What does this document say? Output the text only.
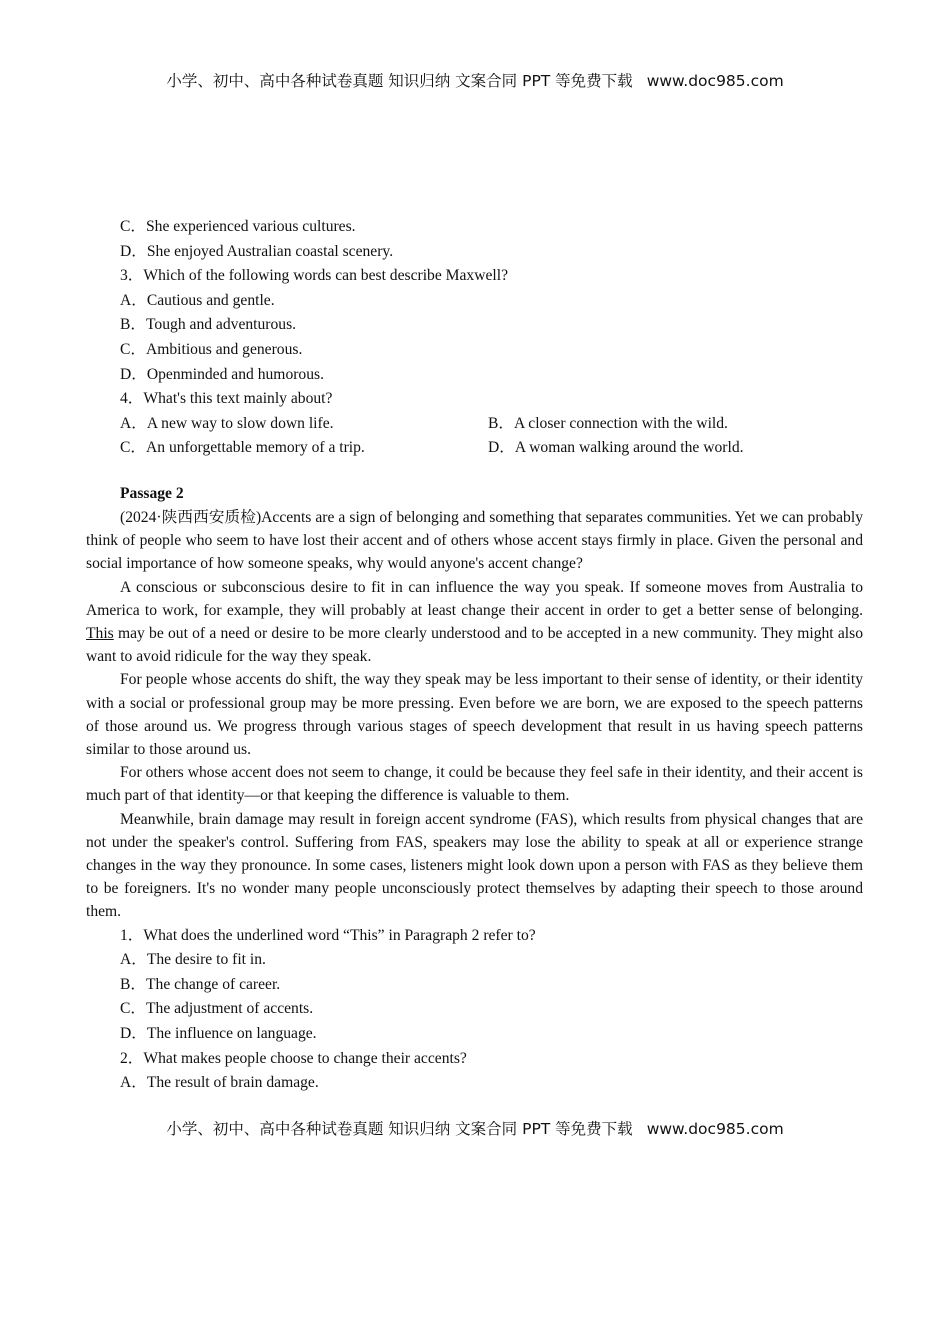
小学、初中、高中各种试卷真题 知识归纳 文案合同 PPT 等免费下载 www.doc985.com
C．She experienced various cultures.
D．She enjoyed Australian coastal scenery.
3．Which of the following words can best describe Maxwell?
A．Cautious and gentle.
B．Tough and adventurous.
C．Ambitious and generous.
D．Openminded and humorous.
4．What's this text mainly about?
A．A new way to slow down life.	B．A closer connection with the wild.
C．An unforgettable memory of a trip.	D．A woman walking around the world.
Passage 2

(2024·陕西西安质检)Accents are a sign of belonging and something that separates communities. Yet we can probably think of people who seem to have lost their accent and of others whose accent stays firmly in place. Given the personal and social importance of how someone speaks, why would anyone's accent change?

A conscious or subconscious desire to fit in can influence the way you speak. If someone moves from Australia to America to work, for example, they will probably at least change their accent in order to get a better sense of belonging. This may be out of a need or desire to be more clearly understood and to be accepted in a new community. They might also want to avoid ridicule for the way they speak.

For people whose accents do shift, the way they speak may be less important to their sense of identity, or their identity with a social or professional group may be more pressing. Even before we are born, we are exposed to the speech patterns of those around us. We progress through various stages of speech development that result in us having speech patterns similar to those around us.

For others whose accent does not seem to change, it could be because they feel safe in their identity, and their accent is much part of that identity—or that keeping the difference is valuable to them.

Meanwhile, brain damage may result in foreign accent syndrome (FAS), which results from physical changes that are not under the speaker's control. Suffering from FAS, speakers may lose the ability to speak at all or experience strange changes in the way they pronounce. In some cases, listeners might look down upon a person with FAS as they believe them to be foreigners. It's no wonder many people unconsciously protect themselves by adapting their speech to those around them.

1．What does the underlined word “This” in Paragraph 2 refer to?
A．The desire to fit in.
B．The change of career.
C．The adjustment of accents.
D．The influence on language.
2．What makes people choose to change their accents?
A．The result of brain damage.
小学、初中、高中各种试卷真题 知识归纳 文案合同 PPT 等免费下载 www.doc985.com
